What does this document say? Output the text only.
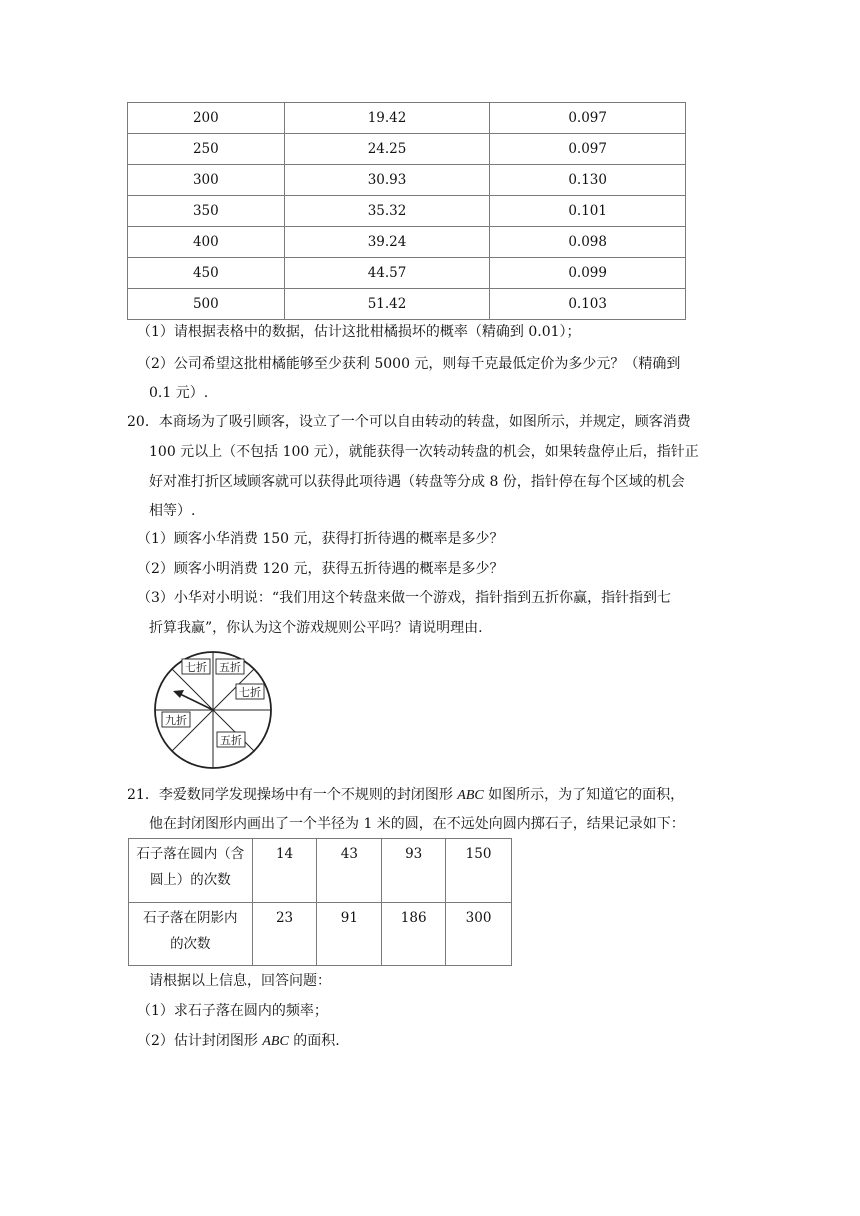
200	19.42	0.097
250	24.25	0.097
300	30.93	0.130
350	35.32	0.101
400	39.24	0.098
450	44.57	0.099
500	51.42	0.103
（1）请根据表格中的数据，估计这批柑橘损坏的概率（精确到 0.01）；
（2）公司希望这批柑橘能够至少获利 5000 元，则每千克最低定价为多少元？（精确到
0.1 元）.
20．本商场为了吸引顾客，设立了一个可以自由转动的转盘，如图所示，并规定，顾客消费
100 元以上（不包括 100 元），就能获得一次转动转盘的机会，如果转盘停止后，指针正
好对准打折区域顾客就可以获得此项待遇（转盘等分成 8 份，指针停在每个区域的机会
相等）.
（1）顾客小华消费 150 元，获得打折待遇的概率是多少？
（2）顾客小明消费 120 元，获得五折待遇的概率是多少？
（3）小华对小明说：“我们用这个转盘来做一个游戏，指针指到五折你赢，指针指到七
折算我赢”，你认为这个游戏规则公平吗？请说明理由.
七折 五折
七折
五折
九折
21．李爱数同学发现操场中有一个不规则的封闭图形 ABC 如图所示，为了知道它的面积，
他在封闭图形内画出了一个半径为 1 米的圆，在不远处向圆内掷石子，结果记录如下：
石子落在圆内（含
圆上）的次数	14	43	93	150

石子落在阴影内
的次数	23	91	186	300
请根据以上信息，回答问题：
（1）求石子落在圆内的频率；
（2）估计封闭图形 ABC 的面积.
